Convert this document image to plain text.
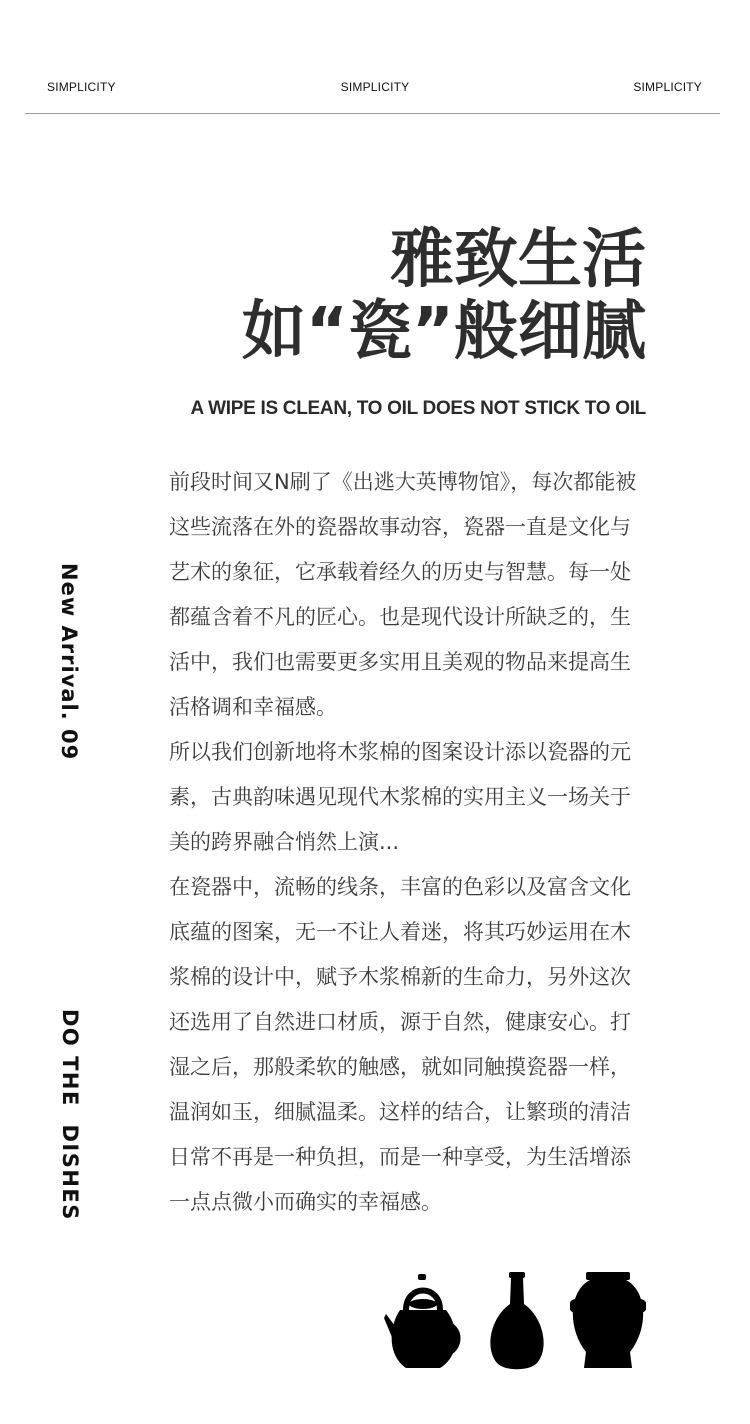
SIMPLICITY	SIMPLICITY	SIMPLICITY
雅致生活
如“瓷”般细腻
A WIPE IS CLEAN, TO OIL DOES NOT STICK TO OIL
New Arrival. 09
DO THE  DISHES

前段时间又N刷了《出逃大英博物馆》，每次都能被这些流落在外的瓷器故事动容，瓷器一直是文化与艺术的象征，它承载着经久的历史与智慧。每一处都蕴含着不凡的匠心。也是现代设计所缺乏的，生活中，我们也需要更多实用且美观的物品来提高生活格调和幸福感。

所以我们创新地将木浆棉的图案设计添以瓷器的元素，古典韵味遇见现代木浆棉的实用主义一场关于美的跨界融合悄然上演...

在瓷器中，流畅的线条，丰富的色彩以及富含文化底蕴的图案，无一不让人着迷，将其巧妙运用在木浆棉的设计中，赋予木浆棉新的生命力，另外这次还选用了自然进口材质，源于自然，健康安心。打湿之后，那般柔软的触感，就如同触摸瓷器一样，温润如玉，细腻温柔。这样的结合，让繁琐的清洁日常不再是一种负担，而是一种享受，为生活增添一点点微小而确实的幸福感。
